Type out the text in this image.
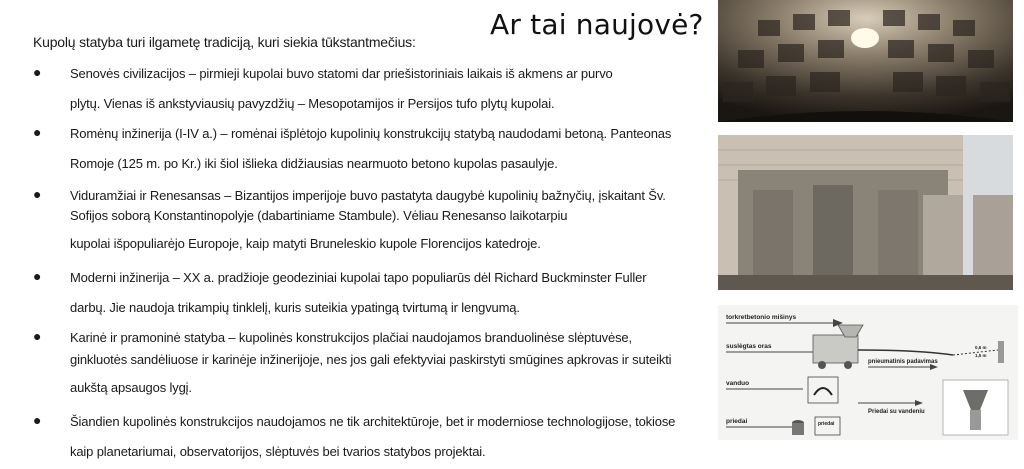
Ar tai naujovė?
Kupolų statyba turi ilgametę tradiciją, kuri siekia tūkstantmečius:
● Senovės civilizacijos – pirmieji kupolai buvo statomi dar priešistoriniais laikais iš akmens ar purvo
plytų. Vienas iš ankstyviausių pavyzdžių – Mesopotamijos ir Persijos tufo plytų kupolai.
● Romėnų inžinerija (I-IV a.) – romėnai išplėtojo kupolinių konstrukcijų statybą naudodami betoną. Panteonas
Romoje (125 m. po Kr.) iki šiol išlieka didžiausias nearmuoto betono kupolas pasaulyje.
● Viduramžiai ir Renesansas – Bizantijos imperijoje buvo pastatyta daugybė kupolinių bažnyčių, įskaitant Šv.
Sofijos soborą Konstantinopolyje (dabartiniame Stambule). Vėliau Renesanso laikotarpiu
kupolai išpopuliarėjo Europoje, kaip matyti Bruneleskio kupole Florencijos katedroje.
● Moderni inžinerija – XX a. pradžioje geodeziniai kupolai tapo populiarūs dėl Richard Buckminster Fuller
darbų. Jie naudoja trikampių tinklelį, kuris suteikia ypatingą tvirtumą ir lengvumą.
● Karinė ir pramoninė statyba – kupolinės konstrukcijos plačiai naudojamos branduolinėse slėptuvėse,
ginkluotės sandėliuose ir karinėje inžinerijoje, nes jos gali efektyviai paskirstyti smūgines apkrovas ir suteikti
aukštą apsaugos lygį.
● Šiandien kupolinės konstrukcijos naudojamos ne tik architektūroje, bet ir moderniose technologijose, tokiose
kaip planetariumai, observatorijos, slėptuvės bei tvarios statybos projektai.
torkretbetonio mišinys
suslėgtas oras
pnieumatinis padavimas
0,6 m
1,5 m
vanduo
Priedai su vandeniu
priedai	priedai
